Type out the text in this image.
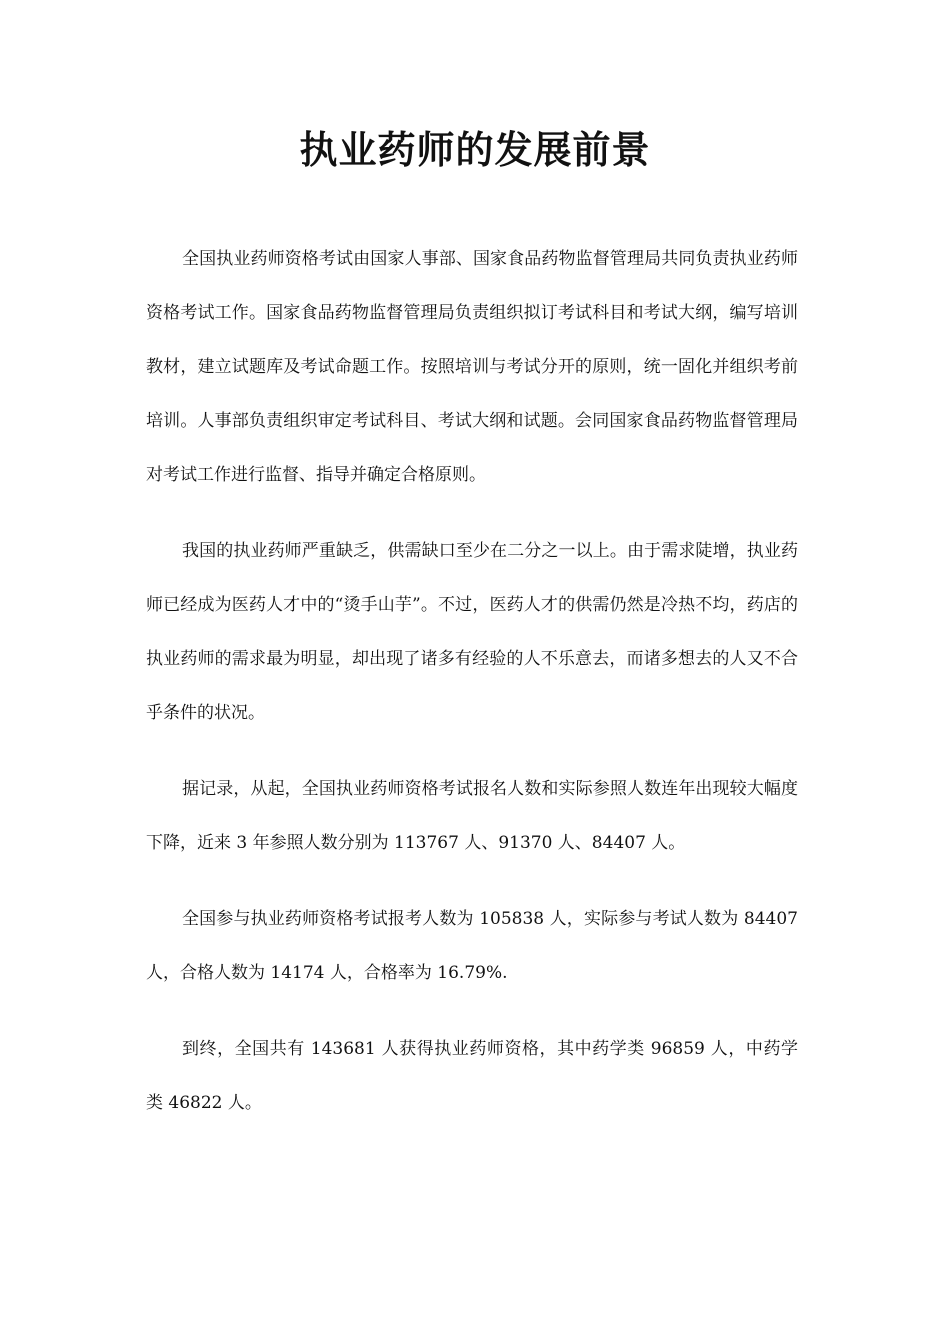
执业药师的发展前景

全国执业药师资格考试由国家人事部、国家食品药物监督管理局共同负责执业药师资格考试工作。国家食品药物监督管理局负责组织拟订考试科目和考试大纲，编写培训教材，建立试题库及考试命题工作。按照培训与考试分开的原则，统一固化并组织考前培训。人事部负责组织审定考试科目、考试大纲和试题。会同国家食品药物监督管理局对考试工作进行监督、指导并确定合格原则。

我国的执业药师严重缺乏，供需缺口至少在二分之一以上。由于需求陡增，执业药师已经成为医药人才中的“烫手山芋”。不过，医药人才的供需仍然是冷热不均，药店的执业药师的需求最为明显，却出现了诸多有经验的人不乐意去，而诸多想去的人又不合乎条件的状况。

据记录，从起，全国执业药师资格考试报名人数和实际参照人数连年出现较大幅度下降，近来 3 年参照人数分别为 113767 人、91370 人、84407 人。

全国参与执业药师资格考试报考人数为 105838 人，实际参与考试人数为 84407 人，合格人数为 14174 人，合格率为 16.79%.

到终，全国共有 143681 人获得执业药师资格，其中药学类 96859 人，中药学类 46822 人。
